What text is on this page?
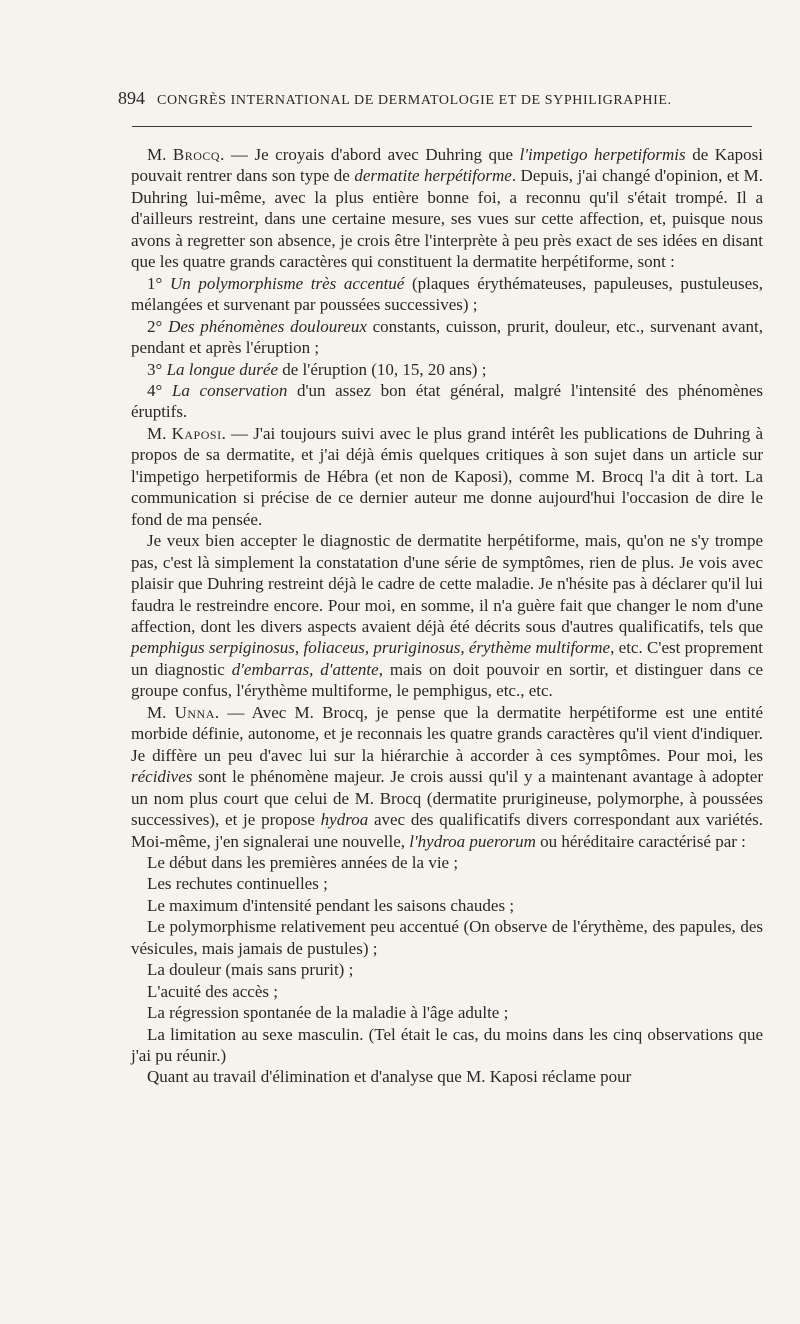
894 CONGRÈS INTERNATIONAL DE DERMATOLOGIE ET DE SYPHILIGRAPHIE.

M. Brocq. — Je croyais d'abord avec Duhring que l'impetigo herpetiformis de Kaposi pouvait rentrer dans son type de dermatite herpétiforme. Depuis, j'ai changé d'opinion, et M. Duhring lui-même, avec la plus entière bonne foi, a reconnu qu'il s'était trompé. Il a d'ailleurs restreint, dans une certaine mesure, ses vues sur cette affection, et, puisque nous avons à regretter son absence, je crois être l'interprète à peu près exact de ses idées en disant que les quatre grands caractères qui constituent la dermatite herpétiforme, sont :

1° Un polymorphisme très accentué (plaques érythémateuses, papuleuses, pustuleuses, mélangées et survenant par poussées successives) ;

2° Des phénomènes douloureux constants, cuisson, prurit, douleur, etc., survenant avant, pendant et après l'éruption ;

3° La longue durée de l'éruption (10, 15, 20 ans) ;

4° La conservation d'un assez bon état général, malgré l'intensité des phénomènes éruptifs.

M. Kaposi. — J'ai toujours suivi avec le plus grand intérêt les publications de Duhring à propos de sa dermatite, et j'ai déjà émis quelques critiques à son sujet dans un article sur l'impetigo herpetiformis de Hébra (et non de Kaposi), comme M. Brocq l'a dit à tort. La communication si précise de ce dernier auteur me donne aujourd'hui l'occasion de dire le fond de ma pensée.

Je veux bien accepter le diagnostic de dermatite herpétiforme, mais, qu'on ne s'y trompe pas, c'est là simplement la constatation d'une série de symptômes, rien de plus. Je vois avec plaisir que Duhring restreint déjà le cadre de cette maladie. Je n'hésite pas à déclarer qu'il lui faudra le restreindre encore. Pour moi, en somme, il n'a guère fait que changer le nom d'une affection, dont les divers aspects avaient déjà été décrits sous d'autres qualificatifs, tels que pemphigus serpiginosus, foliaceus, pruriginosus, érythème multiforme, etc. C'est proprement un diagnostic d'embarras, d'attente, mais on doit pouvoir en sortir, et distinguer dans ce groupe confus, l'érythème multiforme, le pemphigus, etc., etc.

M. Unna. — Avec M. Brocq, je pense que la dermatite herpétiforme est une entité morbide définie, autonome, et je reconnais les quatre grands caractères qu'il vient d'indiquer. Je diffère un peu d'avec lui sur la hiérarchie à accorder à ces symptômes. Pour moi, les récidives sont le phénomène majeur. Je crois aussi qu'il y a maintenant avantage à adopter un nom plus court que celui de M. Brocq (dermatite prurigineuse, polymorphe, à poussées successives), et je propose hydroa avec des qualificatifs divers correspondant aux variétés. Moi-même, j'en signalerai une nouvelle, l'hydroa puerorum ou héréditaire caractérisé par :

Le début dans les premières années de la vie ;

Les rechutes continuelles ;

Le maximum d'intensité pendant les saisons chaudes ;

Le polymorphisme relativement peu accentué (On observe de l'érythème, des papules, des vésicules, mais jamais de pustules) ;

La douleur (mais sans prurit) ;

L'acuité des accès ;

La régression spontanée de la maladie à l'âge adulte ;

La limitation au sexe masculin. (Tel était le cas, du moins dans les cinq observations que j'ai pu réunir.)

Quant au travail d'élimination et d'analyse que M. Kaposi réclame pour
